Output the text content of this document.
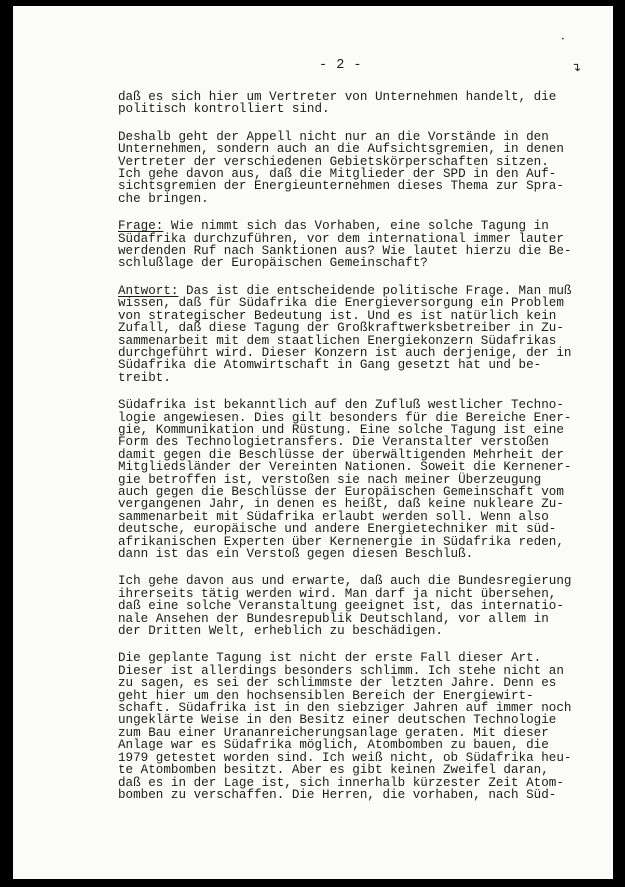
•
- 2 -	↴
daß es sich hier um Vertreter von Unternehmen handelt, die
politisch kontrolliert sind.
Deshalb geht der Appell nicht nur an die Vorstände in den
Unternehmen, sondern auch an die Aufsichtsgremien, in denen
Vertreter der verschiedenen Gebietskörperschaften sitzen.
Ich gehe davon aus, daß die Mitglieder der SPD in den Auf-
sichtsgremien der Energieunternehmen dieses Thema zur Spra-
che bringen.
Frage: Wie nimmt sich das Vorhaben, eine solche Tagung in
Südafrika durchzuführen, vor dem international immer lauter
werdenden Ruf nach Sanktionen aus? Wie lautet hierzu die Be-
schlußlage der Europäischen Gemeinschaft?
Antwort: Das ist die entscheidende politische Frage. Man muß
wissen, daß für Südafrika die Energieversorgung ein Problem
von strategischer Bedeutung ist. Und es ist natürlich kein
Zufall, daß diese Tagung der Großkraftwerksbetreiber in Zu-
sammenarbeit mit dem staatlichen Energiekonzern Südafrikas
durchgeführt wird. Dieser Konzern ist auch derjenige, der in
Südafrika die Atomwirtschaft in Gang gesetzt hat und be-
treibt.
Südafrika ist bekanntlich auf den Zufluß westlicher Techno-
logie angewiesen. Dies gilt besonders für die Bereiche Ener-
gie, Kommunikation und Rüstung. Eine solche Tagung ist eine
Form des Technologietransfers. Die Veranstalter verstoßen
damit gegen die Beschlüsse der überwältigenden Mehrheit der
Mitgliedsländer der Vereinten Nationen. Soweit die Kernener-
gie betroffen ist, verstoßen sie nach meiner Überzeugung
auch gegen die Beschlüsse der Europäischen Gemeinschaft vom
vergangenen Jahr, in denen es heißt, daß keine nukleare Zu-
sammenarbeit mit Südafrika erlaubt werden soll. Wenn also
deutsche, europäische und andere Energietechniker mit süd-
afrikanischen Experten über Kernenergie in Südafrika reden,
dann ist das ein Verstoß gegen diesen Beschluß.
Ich gehe davon aus und erwarte, daß auch die Bundesregierung
ihrerseits tätig werden wird. Man darf ja nicht übersehen,
daß eine solche Veranstaltung geeignet ist, das internatio-
nale Ansehen der Bundesrepublik Deutschland, vor allem in
der Dritten Welt, erheblich zu beschädigen.
Die geplante Tagung ist nicht der erste Fall dieser Art.
Dieser ist allerdings besonders schlimm. Ich stehe nicht an
zu sagen, es sei der schlimmste der letzten Jahre. Denn es
geht hier um den hochsensiblen Bereich der Energiewirt-
schaft. Südafrika ist in den siebziger Jahren auf immer noch
ungeklärte Weise in den Besitz einer deutschen Technologie
zum Bau einer Urananreicherungsanlage geraten. Mit dieser
Anlage war es Südafrika möglich, Atombomben zu bauen, die
1979 getestet worden sind. Ich weiß nicht, ob Südafrika heu-
te Atombomben besitzt. Aber es gibt keinen Zweifel daran,
daß es in der Lage ist, sich innerhalb kürzester Zeit Atom-
bomben zu verschaffen. Die Herren, die vorhaben, nach Süd-
